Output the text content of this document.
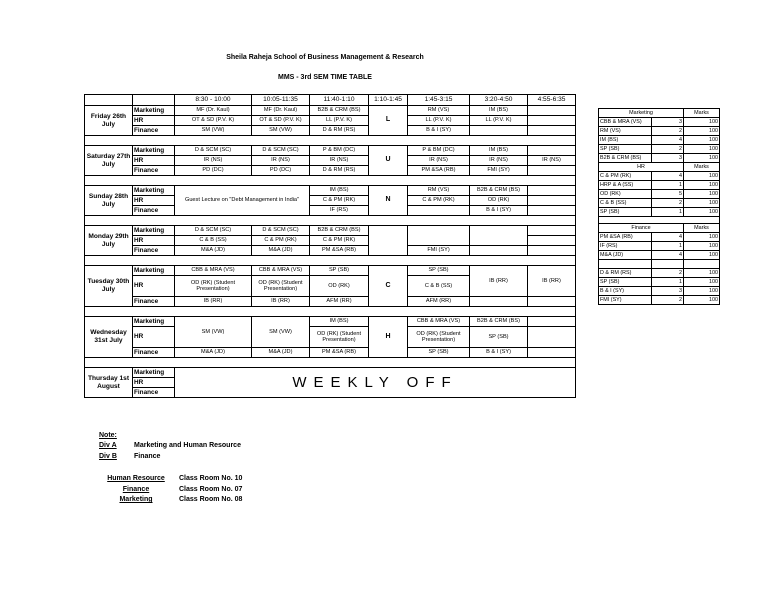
Sheila Raheja School of Business Management & Research
MMS - 3rd SEM TIME TABLE
		8:30 - 10:00	10:05-11:35	11:40-1:10	1:10-1:45	1:45-3:15	3:20-4:50	4:55-6:35
Friday 26th July	Marketing	MF (Dr. Kaul)	MF (Dr. Kaul)	B2B & CRM (BS)	L	RM (VS)	IM (BS)	
	HR	OT & SD (P.V. K)	OT & SD (P.V. K)	LL (P.V. K)		LL (P.V. K)	LL (P.V. K)	
	Finance	SM (VW)	SM (VW)	D & RM (RS)		B & I (SY)		

Saturday 27th July	Marketing	D & SCM (SC)	D & SCM (SC)	P & BM (DC)	U	P & BM (DC)	IM (BS)	
	HR	IR (NS)	IR (NS)	IR (NS)		IR (NS)	IR (NS)	IR (NS)
	Finance	PD (DC)	PD (DC)	D & RM (RS)		PM &SA (RB)	FMI (SY)	

Sunday 28th July	Marketing	Guest Lecture on "Debt Management in India"		IM (BS)	N	RM (VS)	B2B & CRM (BS)	
	HR			C & PM (RK)		C & PM (RK)	OD (RK)	
	Finance			IF (RS)			B & I (SY)	

Monday 29th July	Marketing	D & SCM (SC)	D & SCM (SC)	B2B & CRM (BS)				
	HR	C & B (SS)	C & PM (RK)	C & PM (RK)				
	Finance	M&A (JD)	M&A (JD)	PM &SA (RB)		FMI (SY)		

Tuesday 30th July	Marketing	CBB & MRA (VS)	CBB & MRA (VS)	SP (SB)	C	SP (SB)	IB (RR)	IB (RR)
	HR	OD (RK) (Student Presentation)	OD (RK) (Student Presentation)	OD (RK)		C & B (SS)		
	Finance	IB (RR)	IB (RR)	AFM (RR)		AFM (RR)		

Wednesday 31st July	Marketing	SM (VW)	SM (VW)	IM (BS)	H	CBB & MRA (VS)	B2B & CRM (BS)	
	HR			OD (RK) (Student Presentation)		OD (RK) (Student Presentation)	SP (SB)	
	Finance	M&A (JD)	M&A (JD)	PM &SA (RB)		SP (SB)	B & I (SY)	

Thursday 1st August	Marketing	WEEKLY OFF						
	HR							
	Finance							
Marketing		Marks
CBB & MRA (VS)	3	100
RM (VS)	2	100
IM (BS)	4	100
SP (SB)	2	100
B2B & CRM (BS)	3	100
HR		Marks
C & PM (RK)	4	100
HRP & A (SS)	1	100
OD (RK)	5	100
C & B (SS)	2	100
SP (SB)	1	100

Finance		Marks
PM &SA (RB)	4	100
IF (RS)	1	100
M&A (JD)	4	100

D & RM (RS)	2	100
SP (SB)	1	100
B & I (SY)	3	100
FMI (SY)	2	100
Note:
Div A Marketing and Human Resource
Div B Finance
Human Resource	Class Room No. 10
Finance	Class Room No. 07
Marketing	Class Room No. 08
